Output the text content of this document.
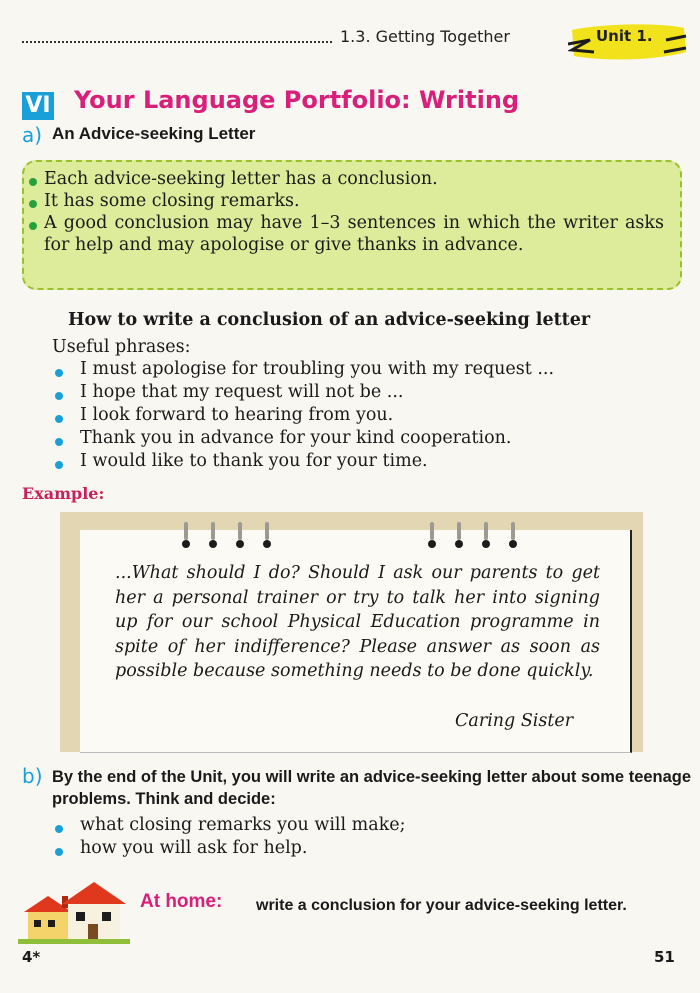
1.3. Getting Together	Unit 1.
VI Your Language Portfolio: Writing
a) An Advice-seeking Letter
Each advice-seeking letter has a conclusion.
It has some closing remarks.
A good conclusion may have 1–3 sentences in which the writer asks for help and may apologise or give thanks in advance.
How to write a conclusion of an advice-seeking letter
Useful phrases:
I must apologise for troubling you with my request ...
I hope that my request will not be ...
I look forward to hearing from you.
Thank you in advance for your kind cooperation.
I would like to thank you for your time.
Example:
...What should I do? Should I ask our parents to get her a personal trainer or try to talk her into signing up for our school Physical Education programme in spite of her indifference? Please answer as soon as possible because something needs to be done quickly.
Caring Sister
b) By the end of the Unit, you will write an advice-seeking letter about some teenage problems. Think and decide:
what closing remarks you will make;
how you will ask for help.
At home: write a conclusion for your advice-seeking letter.
4*	51
